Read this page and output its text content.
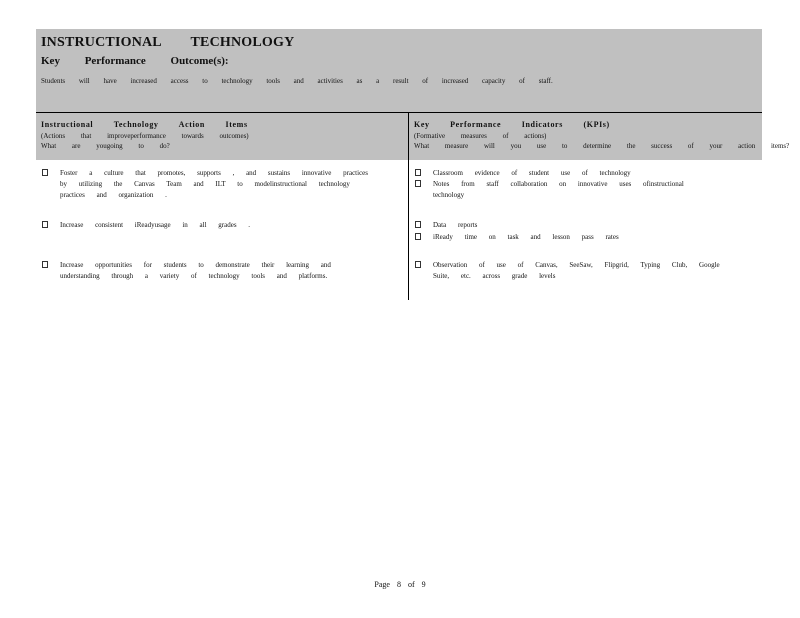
INSTRUCTIONAL TECHNOLOGY
Key Performance Outcome(s):
Students will have increased access to technology tools and activities as a result of increased capacity of staff.
Instructional Technology Action Items
(Actions that improveperformance towards outcomes)
What are yougoing to do?
Key Performance Indicators (KPIs)
(Formative measures of actions)
What measure will you use to determine the success of your action items?
Foster a culture that promotes, supports , and sustains innovative practices
by utilizing the Canvas Team and ILT to modelinstructional technology
practices and organization .
Increase consistent iReadyusage in all grades .
Increase opportunities for students to demonstrate their learning and
understanding through a variety of technology tools and platforms.
Classroom evidence of student use of technology
Notes from staff collaboration on innovative uses ofinstructional
technology
Data reports
iReady time on task and lesson pass rates
Observation of use of Canvas, SeeSaw, Flipgrid, Typing Club, Google
Suite, etc. across grade levels
Page 8 of 9
